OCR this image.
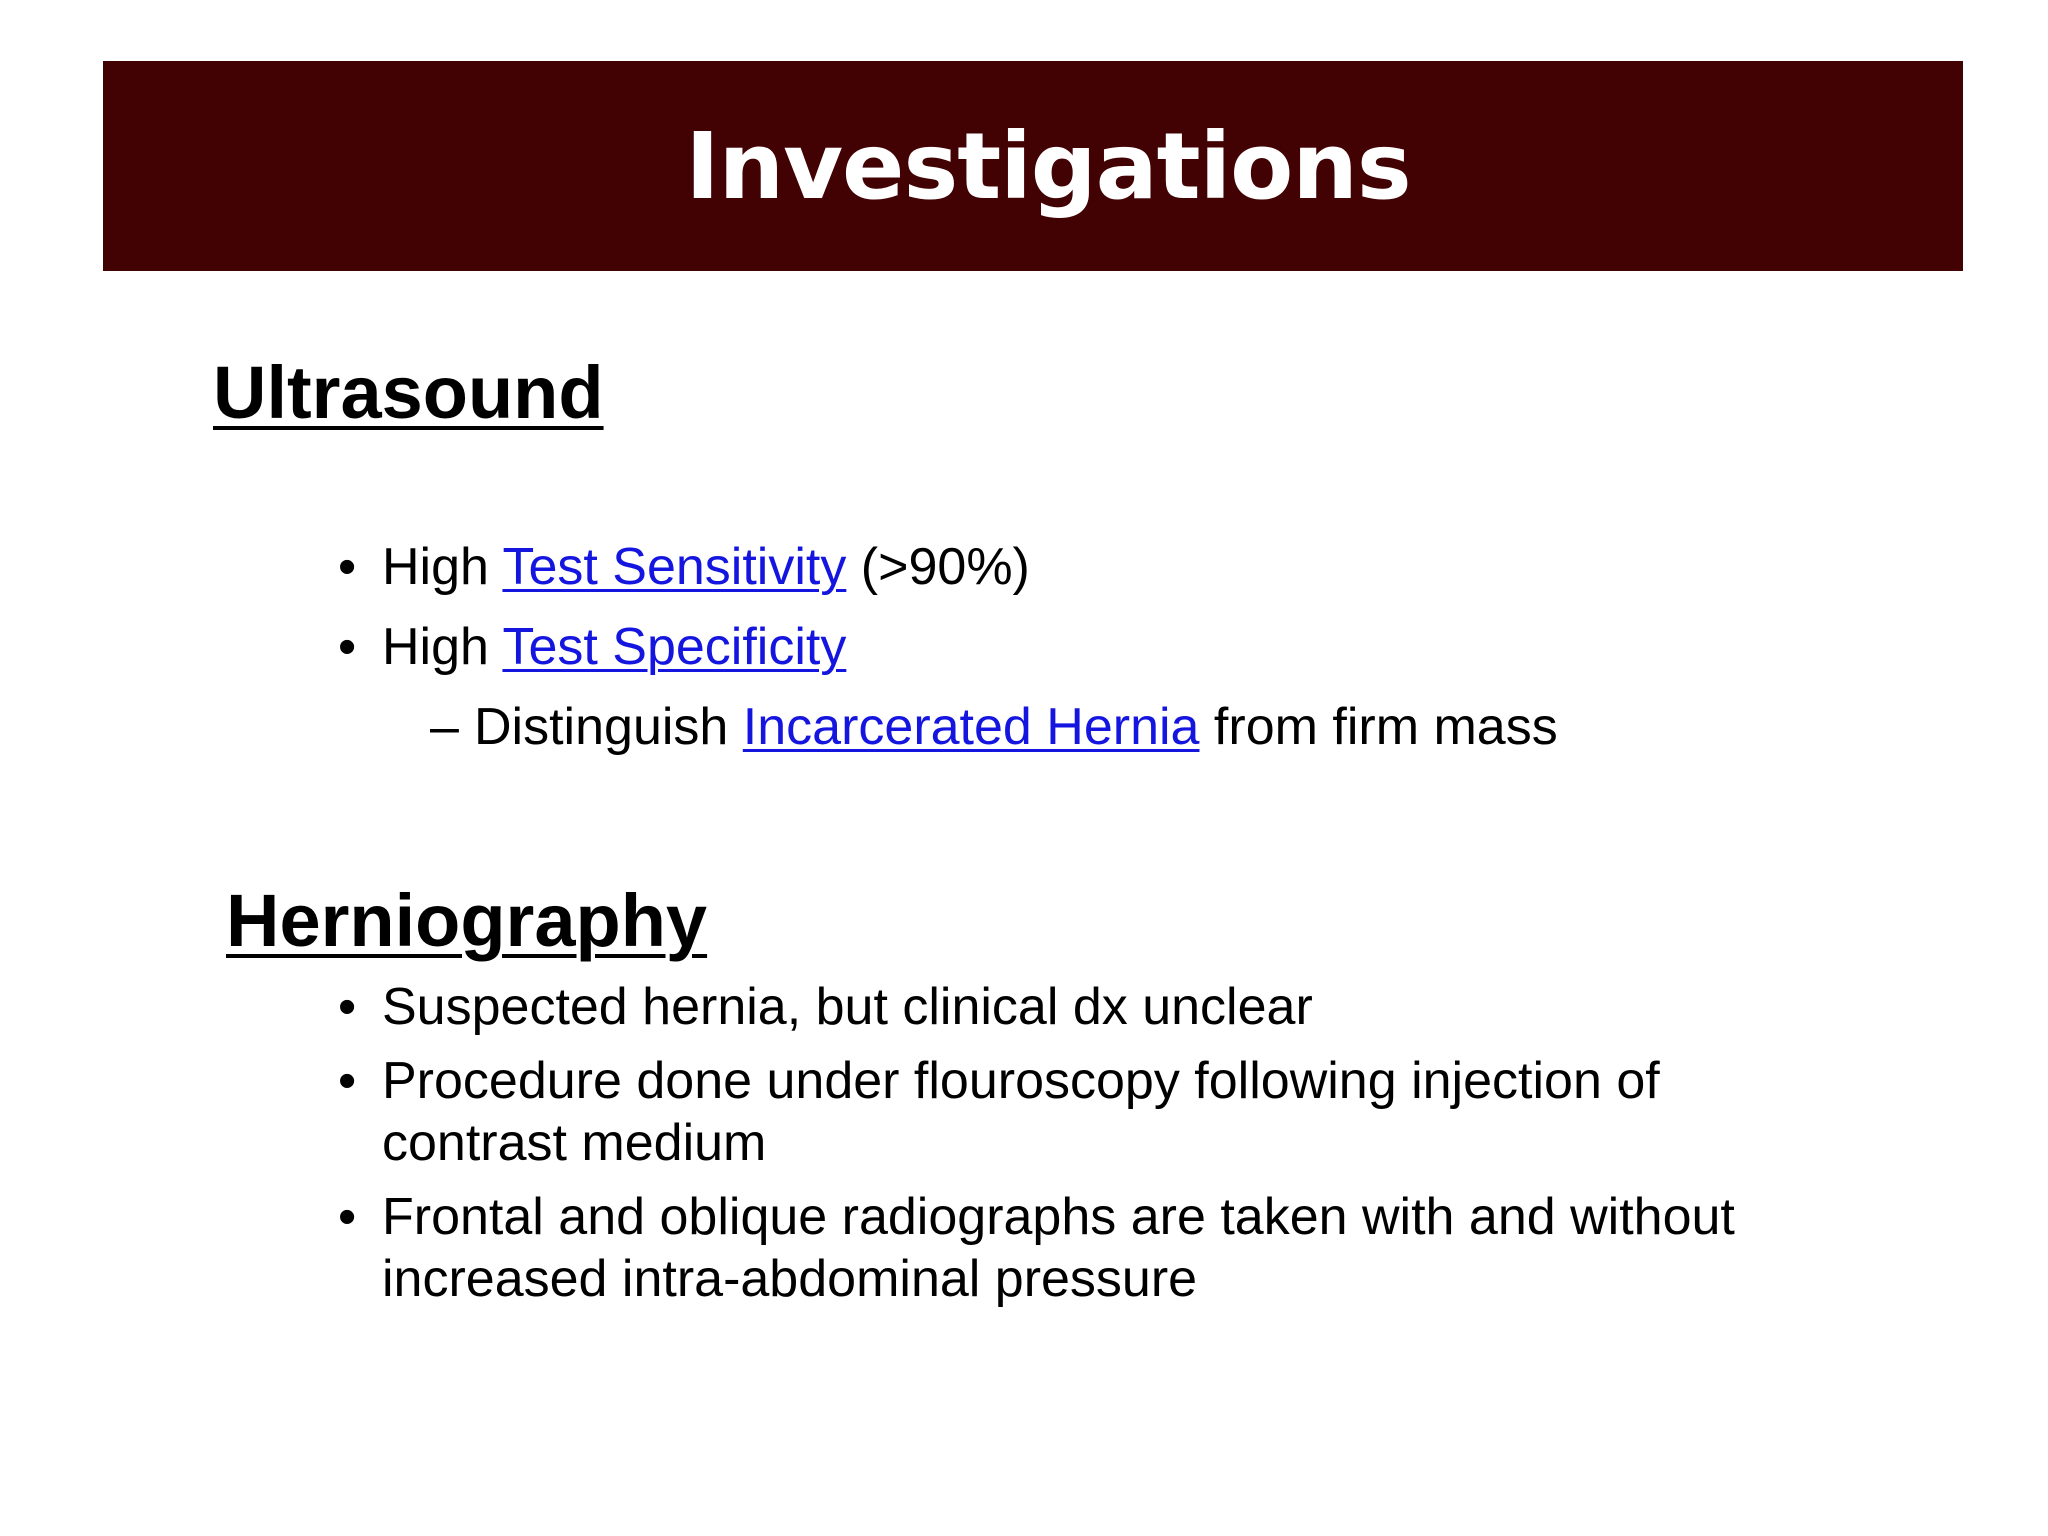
Investigations
Ultrasound
• High Test Sensitivity (>90%)
• High Test Specificity
– Distinguish Incarcerated Hernia from firm mass
Herniography
• Suspected hernia, but clinical dx unclear
• Procedure done under flouroscopy following injection of
contrast medium
• Frontal and oblique radiographs are taken with and without
increased intra-abdominal pressure
